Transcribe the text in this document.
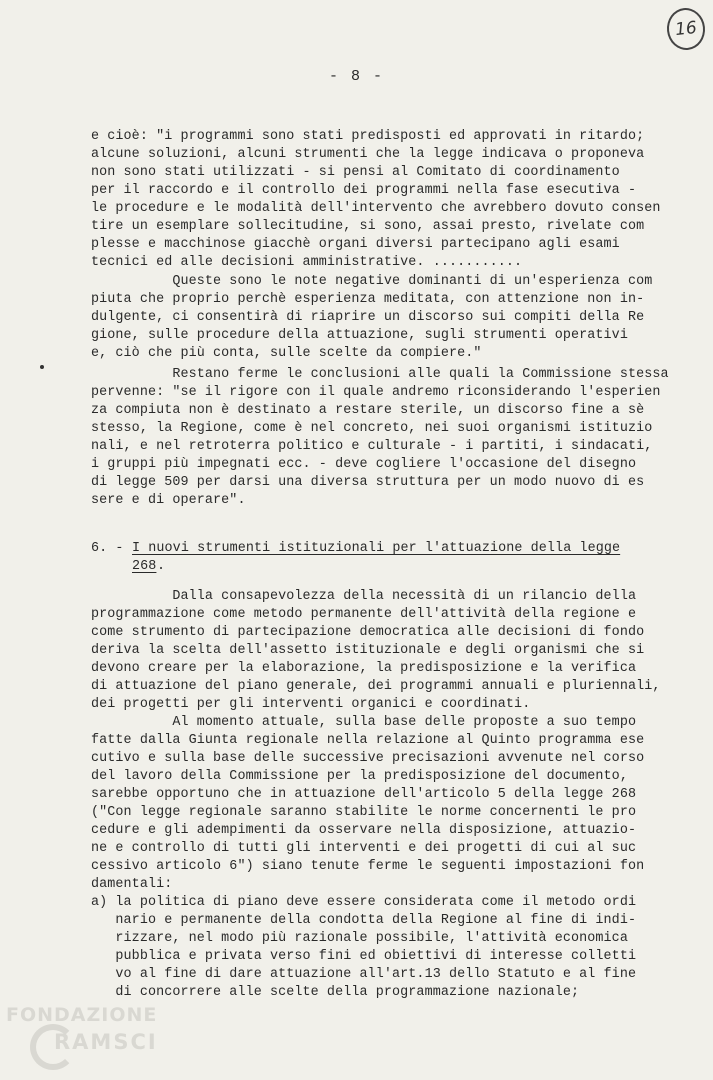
16
- 8 -
e cioè: "i programmi sono stati predisposti ed approvati in ritardo;
alcune soluzioni, alcuni strumenti che la legge indicava o proponeva
non sono stati utilizzati - si pensi al Comitato di coordinamento
per il raccordo e il controllo dei programmi nella fase esecutiva -
le procedure e le modalità dell'intervento che avrebbero dovuto consen
tire un esemplare sollecitudine, si sono, assai presto, rivelate com
plesse e macchinose giacchè organi diversi partecipano agli esami
tecnici ed alle decisioni amministrative. ...........
Queste sono le note negative dominanti di un'esperienza com
piuta che proprio perchè esperienza meditata, con attenzione non in-
dulgente, ci consentirà di riaprire un discorso sui compiti della Re
gione, sulle procedure della attuazione, sugli strumenti operativi
e, ciò che più conta, sulle scelte da compiere."
Restano ferme le conclusioni alle quali la Commissione stessa
pervenne: "se il rigore con il quale andremo riconsiderando l'esperien
za compiuta non è destinato a restare sterile, un discorso fine a sè
stesso, la Regione, come è nel concreto, nei suoi organismi istituzio
nali, e nel retroterra politico e culturale - i partiti, i sindacati,
i gruppi più impegnati ecc. - deve cogliere l'occasione del disegno
di legge 509 per darsi una diversa struttura per un modo nuovo di es
sere e di operare".
6. - I nuovi strumenti istituzionali per l'attuazione della legge
268 .
Dalla consapevolezza della necessità di un rilancio della
programmazione come metodo permanente dell'attività della regione e
come strumento di partecipazione democratica alle decisioni di fondo
deriva la scelta dell'assetto istituzionale e degli organismi che si
devono creare per la elaborazione, la predisposizione e la verifica
di attuazione del piano generale, dei programmi annuali e pluriennali,
dei progetti per gli interventi organici e coordinati.
Al momento attuale, sulla base delle proposte a suo tempo
fatte dalla Giunta regionale nella relazione al Quinto programma ese
cutivo e sulla base delle successive precisazioni avvenute nel corso
del lavoro della Commissione per la predisposizione del documento,
sarebbe opportuno che in attuazione dell'articolo 5 della legge 268
("Con legge regionale saranno stabilite le norme concernenti le pro
cedure e gli adempimenti da osservare nella disposizione, attuazio-
ne e controllo di tutti gli interventi e dei progetti di cui al suc
cessivo articolo 6") siano tenute ferme le seguenti impostazioni fon
damentali:
a) la politica di piano deve essere considerata come il metodo ordi
nario e permanente della condotta della Regione al fine di indi-
rizzare, nel modo più razionale possibile, l'attività economica
pubblica e privata verso fini ed obiettivi di interesse colletti
vo al fine di dare attuazione all'art.13 dello Statuto e al fine
di concorrere alle scelte della programmazione nazionale;
FONDAZIONE
RAMSCI
